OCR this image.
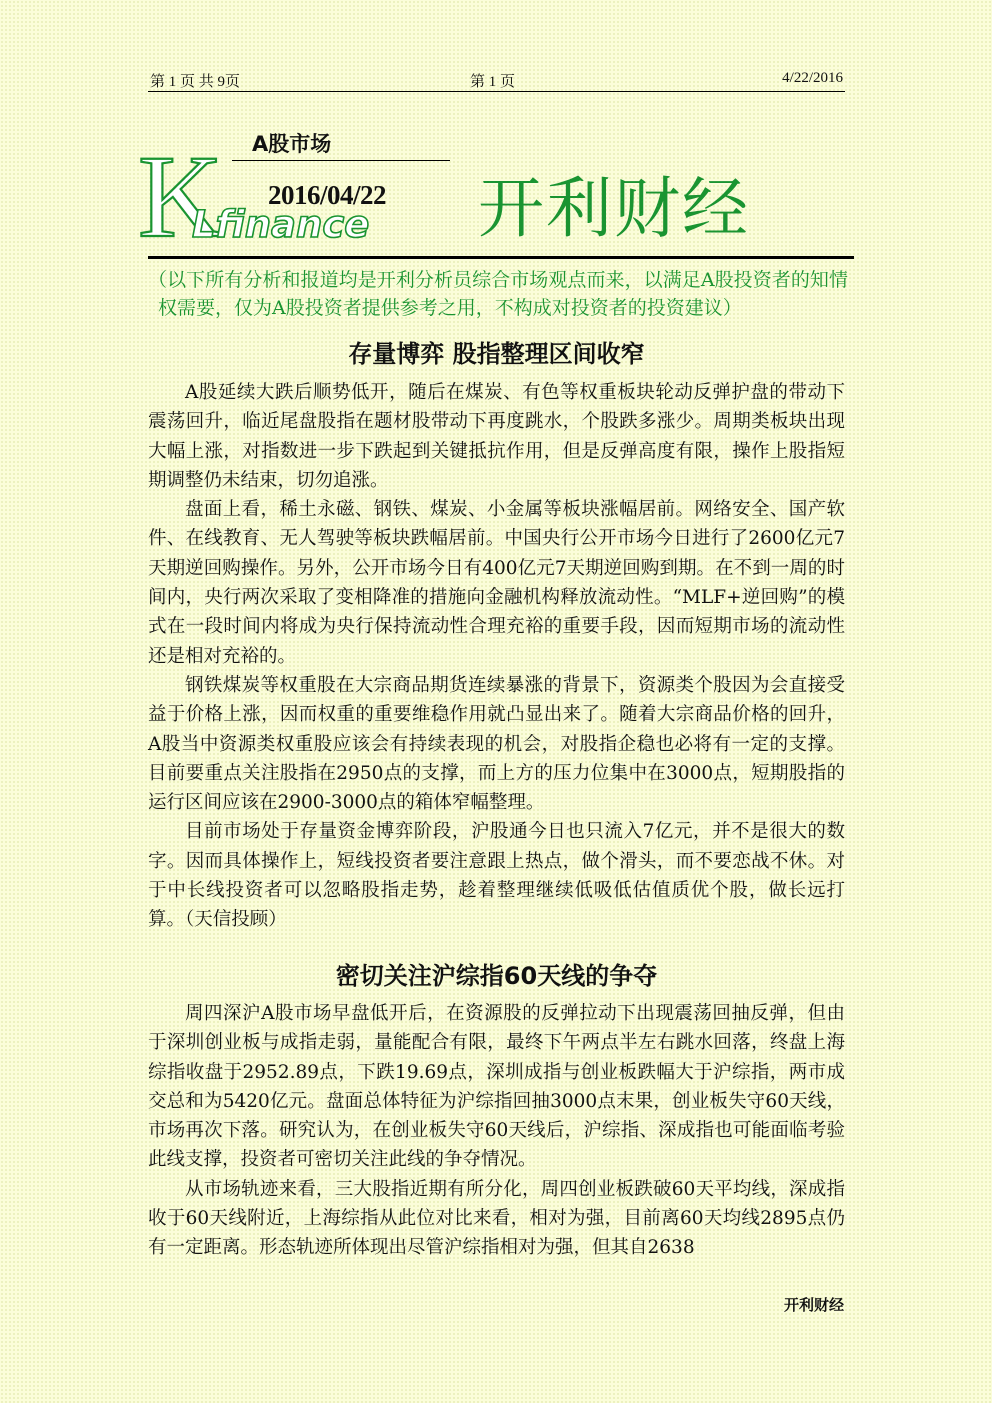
第 1 页 共 9页	第 1 页	4/22/2016
K A股市场
2016/04/22
Lfinance 开利财经
（以下所有分析和报道均是开利分析员综合市场观点而来，以满足A股投资者的知情权需要，仅为A股投资者提供参考之用，不构成对投资者的投资建议）
存量博弈 股指整理区间收窄

A股延续大跌后顺势低开，随后在煤炭、有色等权重板块轮动反弹护盘的带动下震荡回升，临近尾盘股指在题材股带动下再度跳水，个股跌多涨少。周期类板块出现大幅上涨，对指数进一步下跌起到关键抵抗作用，但是反弹高度有限，操作上股指短期调整仍未结束，切勿追涨。

盘面上看，稀土永磁、钢铁、煤炭、小金属等板块涨幅居前。网络安全、国产软件、在线教育、无人驾驶等板块跌幅居前。中国央行公开市场今日进行了2600亿元7天期逆回购操作。另外，公开市场今日有400亿元7天期逆回购到期。在不到一周的时间内，央行两次采取了变相降准的措施向金融机构释放流动性。“MLF+逆回购”的模式在一段时间内将成为央行保持流动性合理充裕的重要手段，因而短期市场的流动性还是相对充裕的。

钢铁煤炭等权重股在大宗商品期货连续暴涨的背景下，资源类个股因为会直接受益于价格上涨，因而权重的重要维稳作用就凸显出来了。随着大宗商品价格的回升，A股当中资源类权重股应该会有持续表现的机会，对股指企稳也必将有一定的支撑。目前要重点关注股指在2950点的支撑，而上方的压力位集中在3000点，短期股指的运行区间应该在2900-3000点的箱体窄幅整理。

目前市场处于存量资金博弈阶段，沪股通今日也只流入7亿元，并不是很大的数字。因而具体操作上，短线投资者要注意跟上热点，做个滑头，而不要恋战不休。对于中长线投资者可以忽略股指走势，趁着整理继续低吸低估值质优个股，做长远打算。（天信投顾）

密切关注沪综指60天线的争夺

周四深沪A股市场早盘低开后，在资源股的反弹拉动下出现震荡回抽反弹，但由于深圳创业板与成指走弱，量能配合有限，最终下午两点半左右跳水回落，终盘上海综指收盘于2952.89点，下跌19.69点，深圳成指与创业板跌幅大于沪综指，两市成交总和为5420亿元。盘面总体特征为沪综指回抽3000点末果，创业板失守60天线，市场再次下落。研究认为，在创业板失守60天线后，沪综指、深成指也可能面临考验此线支撑，投资者可密切关注此线的争夺情况。

从市场轨迹来看，三大股指近期有所分化，周四创业板跌破60天平均线，深成指收于60天线附近，上海综指从此位对比来看，相对为强，目前离60天均线2895点仍有一定距离。形态轨迹所体现出尽管沪综指相对为强，但其自2638

开利财经
